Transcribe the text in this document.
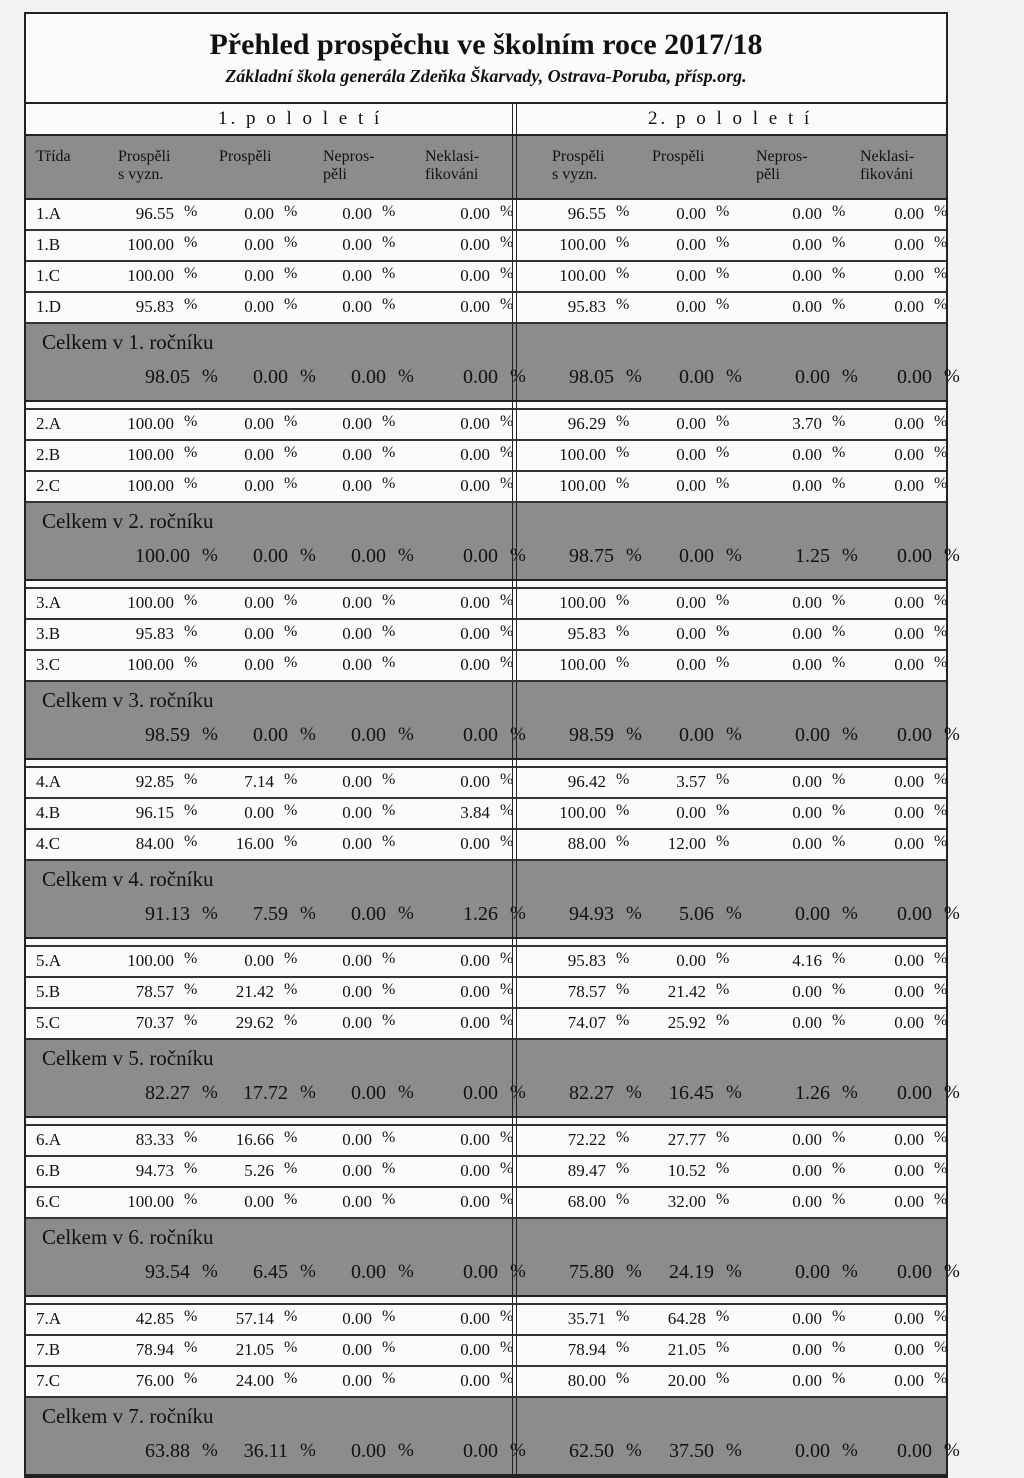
Přehled prospěchu ve školním roce 2017/18
Základní škola generála Zdeňka Škarvady, Ostrava-Poruba, přísp.org.
1. p o l o l e t í	2. p o l o l e t í
Třída	Prospěli
s vyzn.
Prospěli	Nepros-
pěli
Neklasi-
fikováni
Prospěli
s vyzn.
Prospěli	Nepros-
pěli
Neklasi-
fikováni
1.A	96.55 %	0.00 %	0.00 %	0.00 %	96.55 %	0.00 %	0.00 %	0.00 %
1.B	100.00 %	0.00 %	0.00 %	0.00 %	100.00 %	0.00 %	0.00 %	0.00 %
1.C	100.00 %	0.00 %	0.00 %	0.00 %	100.00 %	0.00 %	0.00 %	0.00 %
1.D	95.83 %	0.00 %	0.00 %	0.00 %	95.83 %	0.00 %	0.00 %	0.00 %
Celkem v 1. ročníku
98.05 % 0.00 % 0.00 % 0.00 % 98.05 % 0.00 %	0.00 % 0.00 %
2.A	100.00 %	0.00 %	0.00 %	0.00 %	96.29 %	0.00 %	3.70 %	0.00 %
2.B	100.00 %	0.00 %	0.00 %	0.00 %	100.00 %	0.00 %	0.00 %	0.00 %
2.C	100.00 %	0.00 %	0.00 %	0.00 %	100.00 %	0.00 %	0.00 %	0.00 %
Celkem v 2. ročníku
100.00 % 0.00 % 0.00 % 0.00 % 98.75 % 0.00 %	1.25 % 0.00 %
3.A	100.00 %	0.00 %	0.00 %	0.00 %	100.00 %	0.00 %	0.00 %	0.00 %
3.B	95.83 %	0.00 %	0.00 %	0.00 %	95.83 %	0.00 %	0.00 %	0.00 %
3.C	100.00 %	0.00 %	0.00 %	0.00 %	100.00 %	0.00 %	0.00 %	0.00 %
Celkem v 3. ročníku
98.59 % 0.00 % 0.00 % 0.00 % 98.59 % 0.00 %	0.00 % 0.00 %
4.A	92.85 %	7.14 %	0.00 %	0.00 %	96.42 %	3.57 %	0.00 %	0.00 %
4.B	96.15 %	0.00 %	0.00 %	3.84 %	100.00 %	0.00 %	0.00 %	0.00 %
4.C	84.00 % 16.00 %	0.00 %	0.00 %	88.00 % 12.00 %	0.00 %	0.00 %
Celkem v 4. ročníku
91.13 % 7.59 % 0.00 % 1.26 % 94.93 % 5.06 %	0.00 % 0.00 %
5.A	100.00 %	0.00 %	0.00 %	0.00 %	95.83 %	0.00 %	4.16 %	0.00 %
5.B	78.57 % 21.42 %	0.00 %	0.00 %	78.57 % 21.42 %	0.00 %	0.00 %
5.C	70.37 % 29.62 %	0.00 %	0.00 %	74.07 % 25.92 %	0.00 %	0.00 %
Celkem v 5. ročníku
82.27 % 17.72 % 0.00 % 0.00 % 82.27 % 16.45 %	1.26 % 0.00 %
6.A	83.33 % 16.66 %	0.00 %	0.00 %	72.22 % 27.77 %	0.00 %	0.00 %
6.B	94.73 %	5.26 %	0.00 %	0.00 %	89.47 % 10.52 %	0.00 %	0.00 %
6.C	100.00 %	0.00 %	0.00 %	0.00 %	68.00 % 32.00 %	0.00 %	0.00 %
Celkem v 6. ročníku
93.54 % 6.45 % 0.00 % 0.00 % 75.80 % 24.19 %	0.00 % 0.00 %
7.A	42.85 % 57.14 %	0.00 %	0.00 %	35.71 % 64.28 %	0.00 %	0.00 %
7.B	78.94 % 21.05 %	0.00 %	0.00 %	78.94 % 21.05 %	0.00 %	0.00 %
7.C	76.00 % 24.00 %	0.00 %	0.00 %	80.00 % 20.00 %	0.00 %	0.00 %
Celkem v 7. ročníku
63.88 % 36.11 % 0.00 % 0.00 % 62.50 % 37.50 %	0.00 % 0.00 %
